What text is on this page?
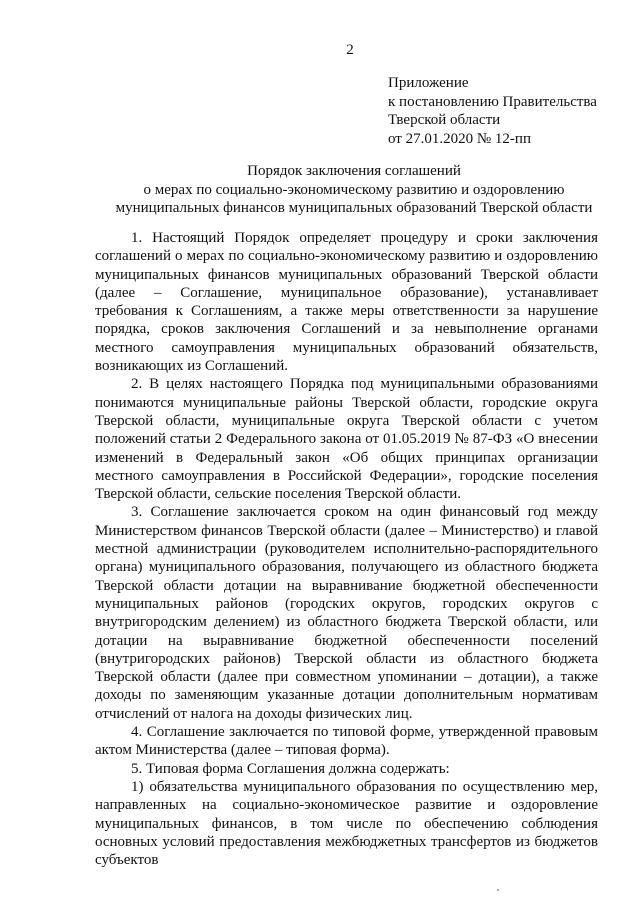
2
Приложение
к постановлению Правительства
Тверской области
от 27.01.2020 № 12-пп
Порядок заключения соглашений
о мерах по социально-экономическому развитию и оздоровлению
муниципальных финансов муниципальных образований Тверской области

1. Настоящий Порядок определяет процедуру и сроки заключения соглашений о мерах по социально-экономическому развитию и оздоровлению муниципальных финансов муниципальных образований Тверской области (далее – Соглашение, муниципальное образование), устанавливает требования к Соглашениям, а также меры ответственности за нарушение порядка, сроков заключения Соглашений и за невыполнение органами местного самоуправления муниципальных образований обязательств, возникающих из Соглашений.

2. В целях настоящего Порядка под муниципальными образованиями понимаются муниципальные районы Тверской области, городские округа Тверской области, муниципальные округа Тверской области с учетом положений статьи 2 Федерального закона от 01.05.2019 № 87-ФЗ «О внесении изменений в Федеральный закон «Об общих принципах организации местного самоуправления в Российской Федерации», городские поселения Тверской области, сельские поселения Тверской области.

3. Соглашение заключается сроком на один финансовый год между Министерством финансов Тверской области (далее – Министерство) и главой местной администрации (руководителем исполнительно-распорядительного органа) муниципального образования, получающего из областного бюджета Тверской области дотации на выравнивание бюджетной обеспеченности муниципальных районов (городских округов, городских округов с внутригородским делением) из областного бюджета Тверской области, или дотации на выравнивание бюджетной обеспеченности поселений (внутригородских районов) Тверской области из областного бюджета Тверской области (далее при совместном упоминании – дотации), а также доходы по заменяющим указанные дотации дополнительным нормативам отчислений от налога на доходы физических лиц.

4. Соглашение заключается по типовой форме, утвержденной правовым актом Министерства (далее – типовая форма).

5. Типовая форма Соглашения должна содержать:

1) обязательства муниципального образования по осуществлению мер, направленных на социально-экономическое развитие и оздоровление муниципальных финансов, в том числе по обеспечению соблюдения основных условий предоставления межбюджетных трансфертов из бюджетов субъектов
